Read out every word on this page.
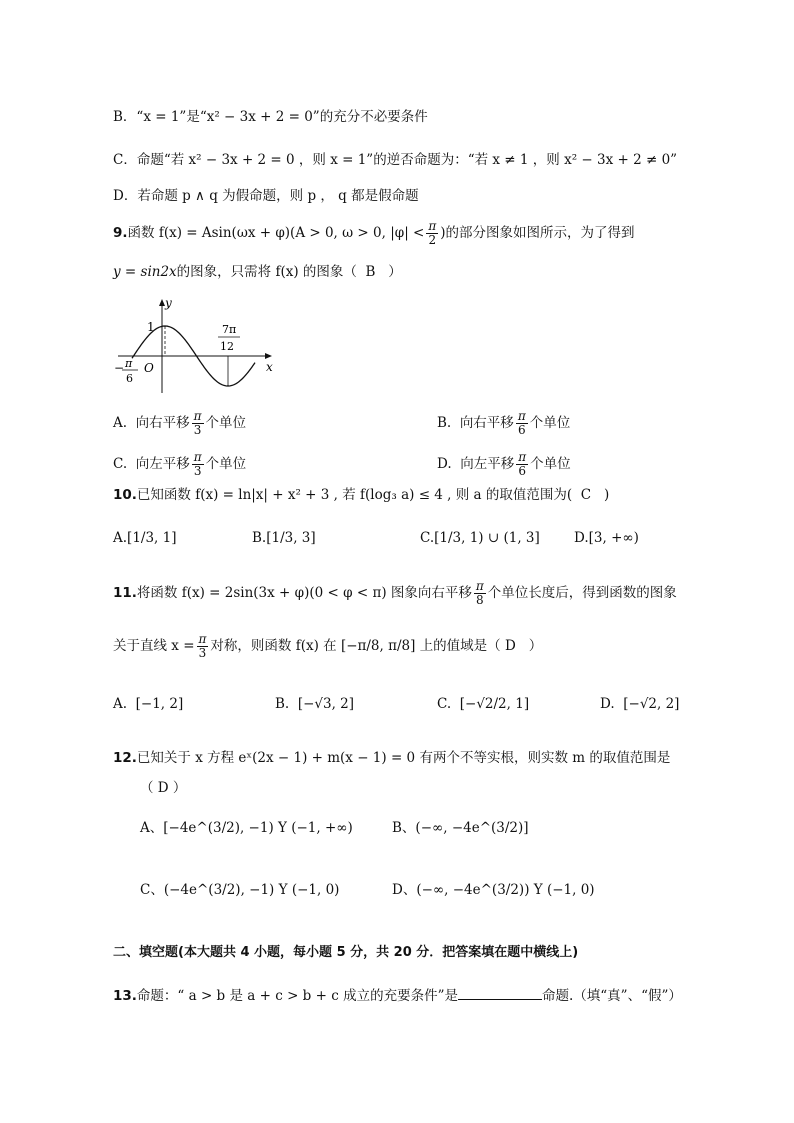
B．“x = 1”是“x² − 3x + 2 = 0”的充分不必要条件
C．命题“若 x² − 3x + 2 = 0 ，则 x = 1”的逆否命题为：“若 x ≠ 1 ，则 x² − 3x + 2 ≠ 0”
D．若命题 p ∧ q 为假命题，则 p ， q 都是假命题
9.函数 f(x) = Asin(ωx + φ)(A > 0, ω > 0, $|\varphi| < \frac{\pi}{2}$ )的部分图象如图所示，为了得到
y = sin2x的图象，只需将 f(x) 的图象（ B ）
y
x
O
1
− π
6
7π
12
A. 向右平移 $\frac{\pi}{3}$ 个单位	B. 向右平移 $\frac{\pi}{6}$ 个单位
C. 向左平移 $\frac{\pi}{3}$ 个单位	D. 向左平移 $\frac{\pi}{6}$ 个单位
10.已知函数 f(x) = ln|x| + x² + 3 , 若 f(log₃ a) ≤ 4 , 则 a 的取值范围为( C )
A.[1/3, 1]	B.[1/3, 3]	C.[1/3, 1) ∪ (1, 3]	D.[3, +∞)
11.将函数 f(x) = 2sin(3x + φ)(0 < φ < π) 图象向右平移 $\frac{\pi}{8}$ 个单位长度后，得到函数的图象
关于直线 $x = \frac{\pi}{3}$ 对称，则函数 f(x) 在 [−π/8, π/8] 上的值域是（ D ）
A. [−1, 2]	B. [−√3, 2]	C. [−√2/2, 1]	D. [−√2, 2]
12.已知关于 x 方程 eˣ(2x − 1) + m(x − 1) = 0 有两个不等实根，则实数 m 的取值范围是
（ D ）
A、[−4e^(3/2), −1) Y (−1, +∞)	B、(−∞, −4e^(3/2)]
C、(−4e^(3/2), −1) Y (−1, 0)	D、(−∞, −4e^(3/2)) Y (−1, 0)
二、填空题(本大题共 4 小题，每小题 5 分，共 20 分．把答案填在题中横线上)
13.命题：“ a > b 是 a + c > b + c 成立的充要条件”是	命题.（填“真”、“假”）
